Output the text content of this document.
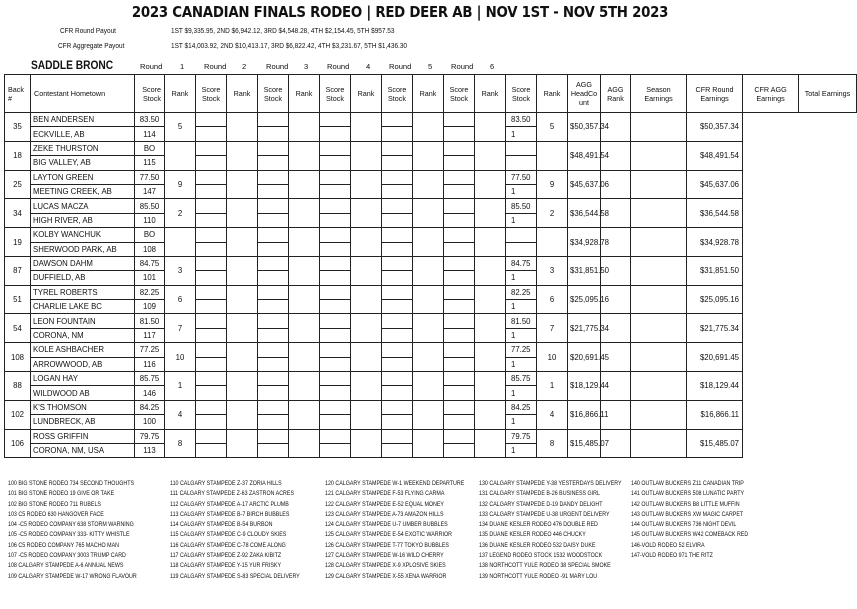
2023 CANADIAN FINALS RODEO | RED DEER AB | NOV 1ST - NOV 5TH 2023
CFR Round Payout	1ST $9,335.95, 2ND $6,942.12, 3RD $4,548.28, 4TH $2,154.45, 5TH $957.53
CFR Aggregate Payout	1ST $14,003.92, 2ND $10,413.17, 3RD $6,822.42, 4TH $3,231.67, 5TH $1,436.30
SADDLE BRONC	Round 1	Round 2	Round 3 Round 4 Round 5 Round 6
Back #	Contestant Hometown	Score Stock	Rank	Score Stock	Rank	Score Stock	Rank	Score Stock	Rank	Score Stock	Rank	Score Stock	Rank	Score Stock	Rank	AGG HeadCo unt	AGG Rank	Season Earnings	CFR Round Earnings	CFR AGG Earnings	Total Earnings
35	BEN ANDERSEN	83.50	5											83.50	5	$50,357.34			$50,357.34		
	ECKVILLE, AB	114												1							
18	ZEKE THURSTON	BO														$48,491.54			$48,491.54		
	BIG VALLEY, AB	115																			
25	LAYTON GREEN	77.50	9											77.50	9	$45,637.06			$45,637.06		
	MEETING CREEK, AB	147												1							
34	LUCAS MACZA	85.50	2											85.50	2	$36,544.58			$36,544.58		
	HIGH RIVER, AB	110												1							
19	KOLBY WANCHUK	BO														$34,928.78			$34,928.78		
	SHERWOOD PARK, AB	108																			
87	DAWSON DAHM	84.75	3											84.75	3	$31,851.50			$31,851.50		
	DUFFIELD, AB	101												1							
51	TYREL ROBERTS	82.25	6											82.25	6	$25,095.16			$25,095.16		
	CHARLIE LAKE BC	109												1							
54	LEON FOUNTAIN	81.50	7											81.50	7	$21,775.34			$21,775.34		
	CORONA, NM	117												1							
108	KOLE ASHBACHER	77.25	10											77.25	10	$20,691.45			$20,691.45		
	ARROWWOOD, AB	116												1							
88	LOGAN HAY	85.75	1											85.75	1	$18,129.44			$18,129.44		
	WILDWOOD AB	146												1							
102	K'S THOMSON	84.25	4											84.25	4	$16,866.11			$16,866.11		
	LUNDBRECK, AB	100												1							
106	ROSS GRIFFIN	79.75	8											79.75	8	$15,485.07			$15,485.07		
	CORONA, NM, USA	113												1							
100 BIG STONE RODEO 734 SECOND THOUGHTS
101 BIG STONE RODEO 19 GIVE OR TAKE
102 BIG STONE RODEO 711 RUBELS
103 C5 RODEO 630 HANGOVER FACE
104 -C5 RODEO COMPANY 638 STORM WARNING
105 -C5 RODEO COMPANY 333- KITTY WHISTLE
106 C5 RODEO COMPANY 765 MACHO MAN
107 -C5 RODEO COMPANY 3003 TRUMP CARD
108 CALGARY STAMPEDE A-6 ANNUAL NEWS
109 CALGARY STAMPEDE W-17 WRONG FLAVOUR
110 CALGARY STAMPEDE Z-37 ZORIA HILLS
111 CALGARY STAMPEDE Z-63 ZASTRON ACRES
112 CALGARY STAMPEDE A-17 ARCTIC PLUMB
113 CALGARY STAMPEDE B-7 BIRCH BUBBLES
114 CALGARY STAMPEDE B-54 BURBON
115 CALGARY STAMPEDE C-9 CLOUDY SKIES
116 CALGARY STAMPEDE C-78 COME ALONG
117 CALGARY STAMPEDE Z-92 ZAKA KIBITZ
118 CALGARY STAMPEDE Y-15 YUR FRISKY
119 CALGARY STAMPEDE S-83 SPECIAL DELIVERY
120 CALGARY STAMPEDE W-1 WEEKEND DEPARTURE
121 CALGARY STAMPEDE F-53 FLYING CARMA
122 CALGARY STAMPEDE E-52 EQUAL MONEY
123 CALGARY STAMPEDE A-73 AMAZON HILLS
124 CALGARY STAMPEDE U-7 UMBER BUBBLES
125 CALGARY STAMPEDE E-54 EXOTIC WARRIOR
126 CALGARY STAMPEDE T-77 TOKYO BUBBLES
127 CALGARY STAMPEDE W-16 WILD CHERRY
128 CALGARY STAMPEDE X-9 XPLOSIVE SKIES
129 CALGARY STAMPEDE X-55 XENA WARRIOR
130 CALGARY STAMPEDE Y-38 YESTERDAYS DELIVERY
131 CALGARY STAMPEDE B-26 BUSINESS GIRL
132 CALGARY STAMPEDE D-19 DANDY DELIGHT
133 CALGARY STAMPEDE U-38 URGENT DELIVERY
134 DUANE KESLER RODEO 476 DOUBLE RED
135 DUANE KESLER RODEO 446 CHUCKY
136 DUANE KESLER RODEO 532 DAISY DUKE
137 LEGEND RODEO STOCK 1532 WOODSTOCK
138 NORTHCOTT YULE RODEO 38 SPECIAL SMOKE
139 NORTHCOTT YULE RODEO -91 MARY LOU
140 OUTLAW BUCKERS Z11 CANADIAN TRIP
141 OUTLAW BUCKERS 508 LUNATIC PARTY
142 OUTLAW BUCKERS B8 LITTLE MUFFIN
143 OUTLAW BUCKERS XW MAGIC CARPET
144 OUTLAW BUCKERS 736 NIGHT DEVIL
145 OUTLAW BUCKERS W42 COMEBACK RED
146-VOLD RODEO 52 ELVIRA
147-VOLD RODEO 971 THE RITZ
